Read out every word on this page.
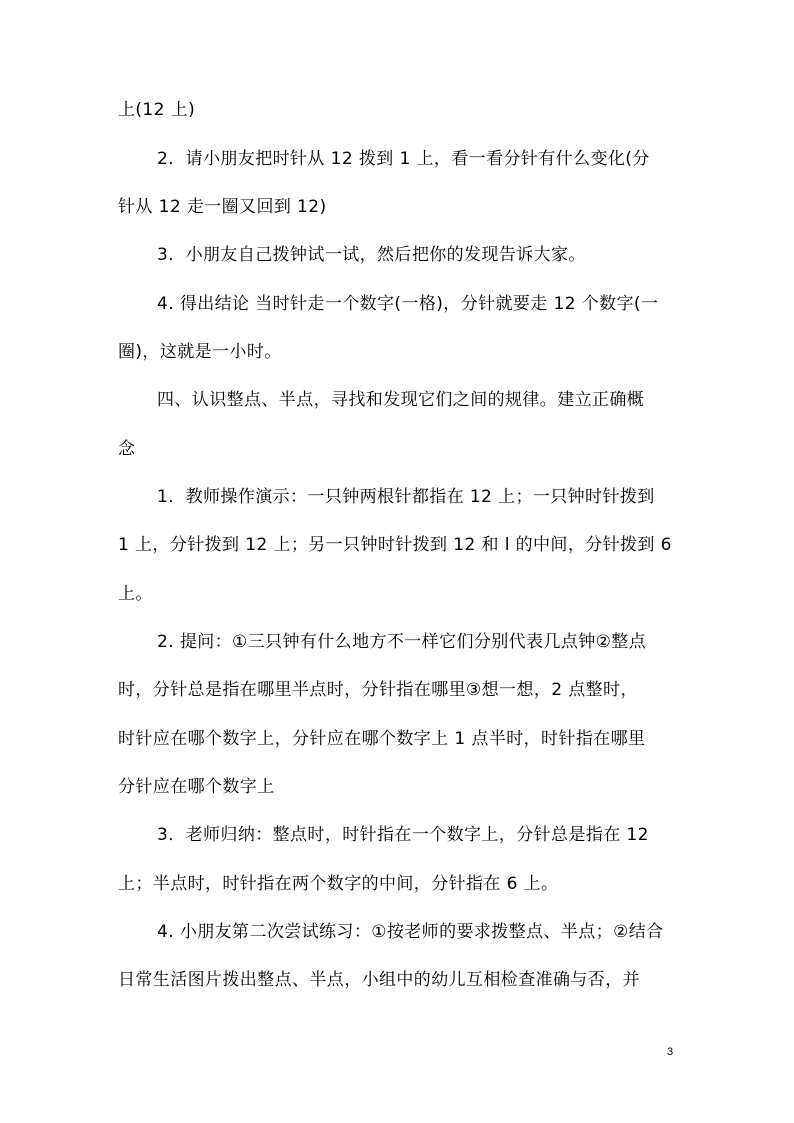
上(12 上)
2．请小朋友把时针从 12 拨到 1 上，看一看分针有什么变化(分
针从 12 走一圈又回到 12)
3．小朋友自己拨钟试一试，然后把你的发现告诉大家。
4. 得出结论 当时针走一个数字(一格)，分针就要走 12 个数字(一
圈)，这就是一小时。
四、认识整点、半点，寻找和发现它们之间的规律。建立正确概
念
1．教师操作演示：一只钟两根针都指在 12 上；一只钟时针拨到
1 上，分针拨到 12 上；另一只钟时针拨到 12 和 l 的中间，分针拨到 6
上。
2. 提问：①三只钟有什么地方不一样它们分别代表几点钟②整点
时，分针总是指在哪里半点时，分针指在哪里③想一想，2 点整时，
时针应在哪个数字上，分针应在哪个数字上 1 点半时，时针指在哪里
分针应在哪个数字上
3．老师归纳：整点时，时针指在一个数字上，分针总是指在 12
上；半点时，时针指在两个数字的中间，分针指在 6 上。
4. 小朋友第二次尝试练习：①按老师的要求拨整点、半点；②结合
日常生活图片拨出整点、半点，小组中的幼儿互相检查准确与否，并
3
